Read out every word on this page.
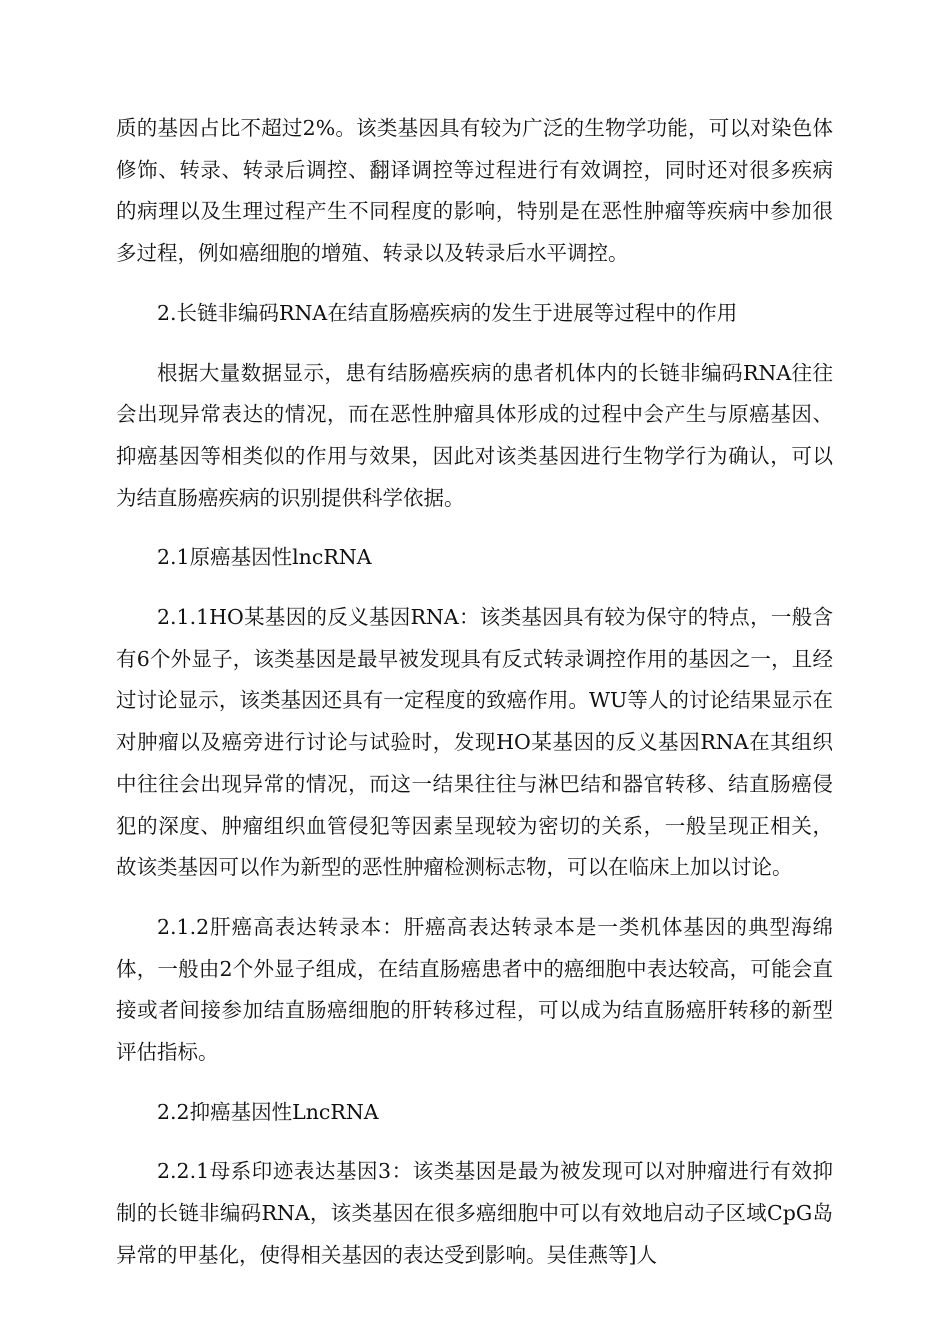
质的基因占比不超过2%。该类基因具有较为广泛的生物学功能，可以对染色体修饰、转录、转录后调控、翻译调控等过程进行有效调控，同时还对很多疾病的病理以及生理过程产生不同程度的影响，特别是在恶性肿瘤等疾病中参加很多过程，例如癌细胞的增殖、转录以及转录后水平调控。

2.长链非编码RNA在结直肠癌疾病的发生于进展等过程中的作用

根据大量数据显示，患有结肠癌疾病的患者机体内的长链非编码RNA往往会出现异常表达的情况，而在恶性肿瘤具体形成的过程中会产生与原癌基因、抑癌基因等相类似的作用与效果，因此对该类基因进行生物学行为确认，可以为结直肠癌疾病的识别提供科学依据。

2.1原癌基因性lncRNA

2.1.1HO某基因的反义基因RNA：该类基因具有较为保守的特点，一般含有6个外显子，该类基因是最早被发现具有反式转录调控作用的基因之一，且经过讨论显示，该类基因还具有一定程度的致癌作用。WU等人的讨论结果显示在对肿瘤以及癌旁进行讨论与试验时，发现HO某基因的反义基因RNA在其组织中往往会出现异常的情况，而这一结果往往与淋巴结和器官转移、结直肠癌侵犯的深度、肿瘤组织血管侵犯等因素呈现较为密切的关系，一般呈现正相关，故该类基因可以作为新型的恶性肿瘤检测标志物，可以在临床上加以讨论。

2.1.2肝癌高表达转录本：肝癌高表达转录本是一类机体基因的典型海绵体，一般由2个外显子组成，在结直肠癌患者中的癌细胞中表达较高，可能会直接或者间接参加结直肠癌细胞的肝转移过程，可以成为结直肠癌肝转移的新型评估指标。

2.2抑癌基因性LncRNA

2.2.1母系印迹表达基因3：该类基因是最为被发现可以对肿瘤进行有效抑制的长链非编码RNA，该类基因在很多癌细胞中可以有效地启动子区域CpG岛异常的甲基化，使得相关基因的表达受到影响。吴佳燕等]人
